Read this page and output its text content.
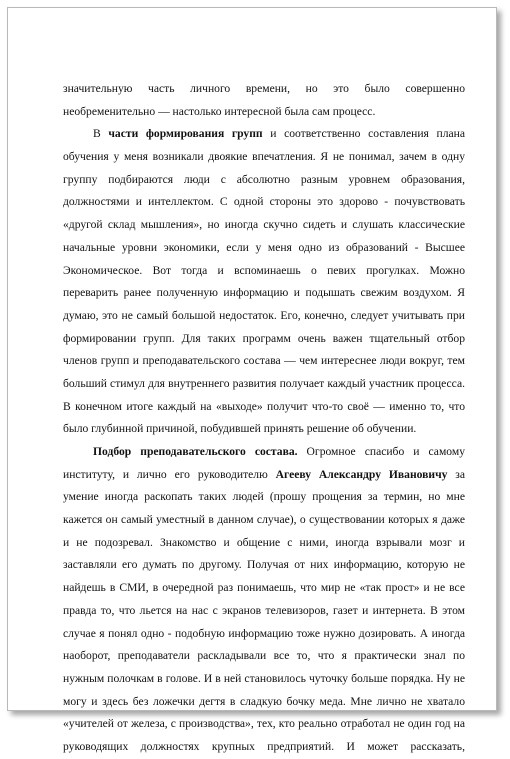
значительную часть личного времени, но это было совершенно
необременительно — настолько интересной была сам процесс.
В части формирования групп и соответственно составления плана
обучения у меня возникали двоякие впечатления. Я не понимал, зачем в одну
группу подбираются люди с абсолютно разным уровнем образования,
должностями и интеллектом. С одной стороны это здорово - почувствовать
«другой склад мышления», но иногда скучно сидеть и слушать классические
начальные уровни экономики, если у меня одно из образований - Высшее
Экономическое. Вот тогда и вспоминаешь о певих прогулках. Можно
переварить ранее полученную информацию и подышать свежим воздухом. Я
думаю, это не самый большой недостаток. Его, конечно, следует учитывать при
формировании групп. Для таких программ очень важен тщательный отбор
членов групп и преподавательского состава — чем интереснее люди вокруг, тем
больший стимул для внутреннего развития получает каждый участник процесса.
В конечном итоге каждый на «выходе» получит что-то своё — именно то, что
было глубинной причиной, побудившей принять решение об обучении.
Подбор преподавательского состава. Огромное спасибо и самому
институту, и лично его руководителю Агееву Александру Ивановичу за
умение иногда раскопать таких людей (прошу прощения за термин, но мне
кажется он самый уместный в данном случае), о существовании которых я даже
и не подозревал. Знакомство и общение с ними, иногда взрывали мозг и
заставляли его думать по другому. Получая от них информацию, которую не
найдешь в СМИ, в очередной раз понимаешь, что мир не «так прост» и не все
правда то, что льется на нас с экранов телевизоров, газет и интернета. В этом
случае я понял одно - подобную информацию тоже нужно дозировать. А иногда
наоборот, преподаватели раскладывали все то, что я практически знал по
нужным полочкам в голове. И в ней становилось чуточку больше порядка. Ну не
могу и здесь без ложечки дегтя в сладкую бочку меда. Мне лично не хватало
«учителей от железа, с производства», тех, кто реально отработал не один год на
руководящих должностях крупных предприятий. И может рассказать,
